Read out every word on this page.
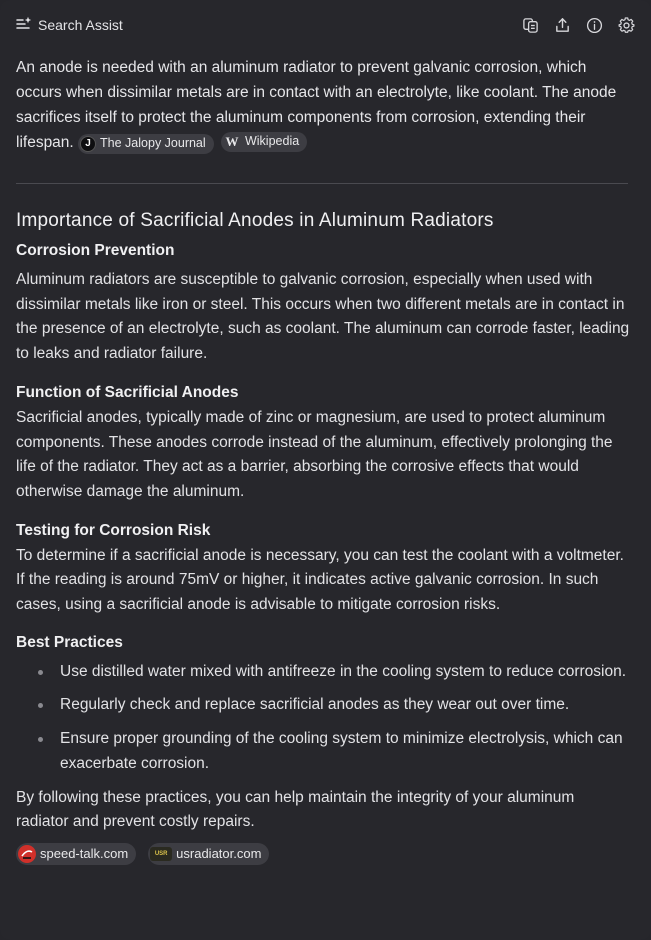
Search Assist
An anode is needed with an aluminum radiator to prevent galvanic corrosion, which occurs when dissimilar metals are in contact with an electrolyte, like coolant. The anode sacrifices itself to protect the aluminum components from corrosion, extending their lifespan.	J The Jalopy Journal
W Wikipedia
Importance of Sacrificial Anodes in Aluminum Radiators
Corrosion Prevention
Aluminum radiators are susceptible to galvanic corrosion, especially when used with dissimilar metals like iron or steel. This occurs when two different metals are in contact in the presence of an electrolyte, such as coolant. The aluminum can corrode faster, leading to leaks and radiator failure.
Function of Sacrificial Anodes
Sacrificial anodes, typically made of zinc or magnesium, are used to protect aluminum components. These anodes corrode instead of the aluminum, effectively prolonging the life of the radiator. They act as a barrier, absorbing the corrosive effects that would otherwise damage the aluminum.
Testing for Corrosion Risk
To determine if a sacrificial anode is necessary, you can test the coolant with a voltmeter. If the reading is around 75mV or higher, it indicates active galvanic corrosion. In such cases, using a sacrificial anode is advisable to mitigate corrosion risks.
Best Practices
Use distilled water mixed with antifreeze in the cooling system to reduce corrosion.
Regularly check and replace sacrificial anodes as they wear out over time.
Ensure proper grounding of the cooling system to minimize electrolysis, which can exacerbate corrosion.
By following these practices, you can help maintain the integrity of your aluminum radiator and prevent costly repairs.
speed-talk.com	USR usradiator.com
